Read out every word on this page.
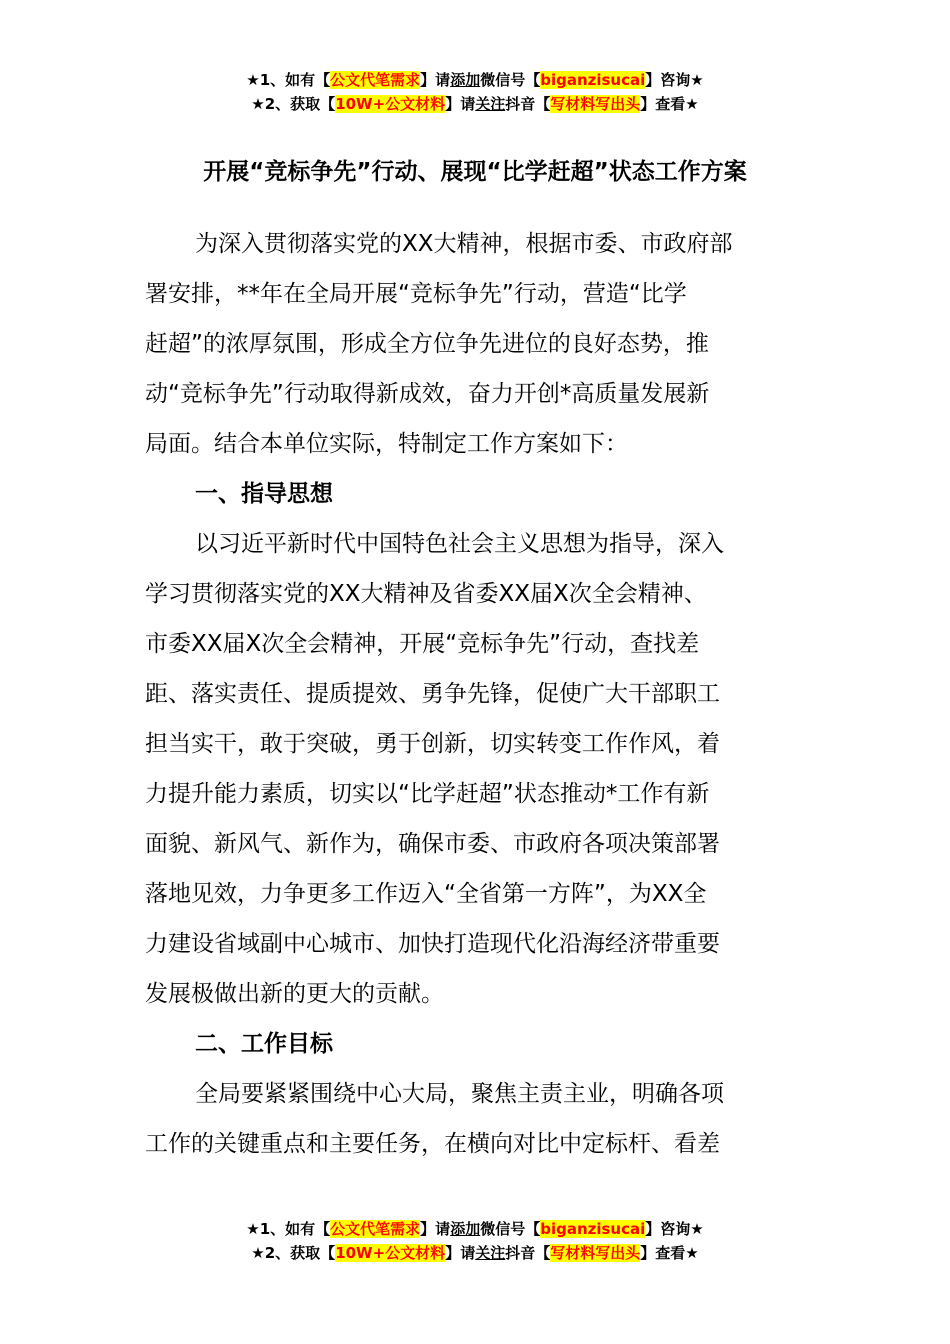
★1、如有【公文代笔需求】请添加微信号【biganzisucai】咨询★
★2、获取【10W+公文材料】请关注抖音【写材料写出头】查看★
开展“竞标争先”行动、展现“比学赶超”状态工作方案
为深入贯彻落实党的XX大精神，根据市委、市政府部
署安排，**年在全局开展“竞标争先”行动，营造“比学
赶超”的浓厚氛围，形成全方位争先进位的良好态势，推
动“竞标争先”行动取得新成效，奋力开创*高质量发展新
局面。结合本单位实际，特制定工作方案如下：
一、指导思想
以习近平新时代中国特色社会主义思想为指导，深入
学习贯彻落实党的XX大精神及省委XX届X次全会精神、
市委XX届X次全会精神，开展“竞标争先”行动，查找差
距、落实责任、提质提效、勇争先锋，促使广大干部职工
担当实干，敢于突破，勇于创新，切实转变工作作风，着
力提升能力素质，切实以“比学赶超”状态推动*工作有新
面貌、新风气、新作为，确保市委、市政府各项决策部署
落地见效，力争更多工作迈入“全省第一方阵”，为XX全
力建设省域副中心城市、加快打造现代化沿海经济带重要
发展极做出新的更大的贡献。
二、工作目标
全局要紧紧围绕中心大局，聚焦主责主业，明确各项
工作的关键重点和主要任务，在横向对比中定标杆、看差
★1、如有【公文代笔需求】请添加微信号【biganzisucai】咨询★
★2、获取【10W+公文材料】请关注抖音【写材料写出头】查看★
